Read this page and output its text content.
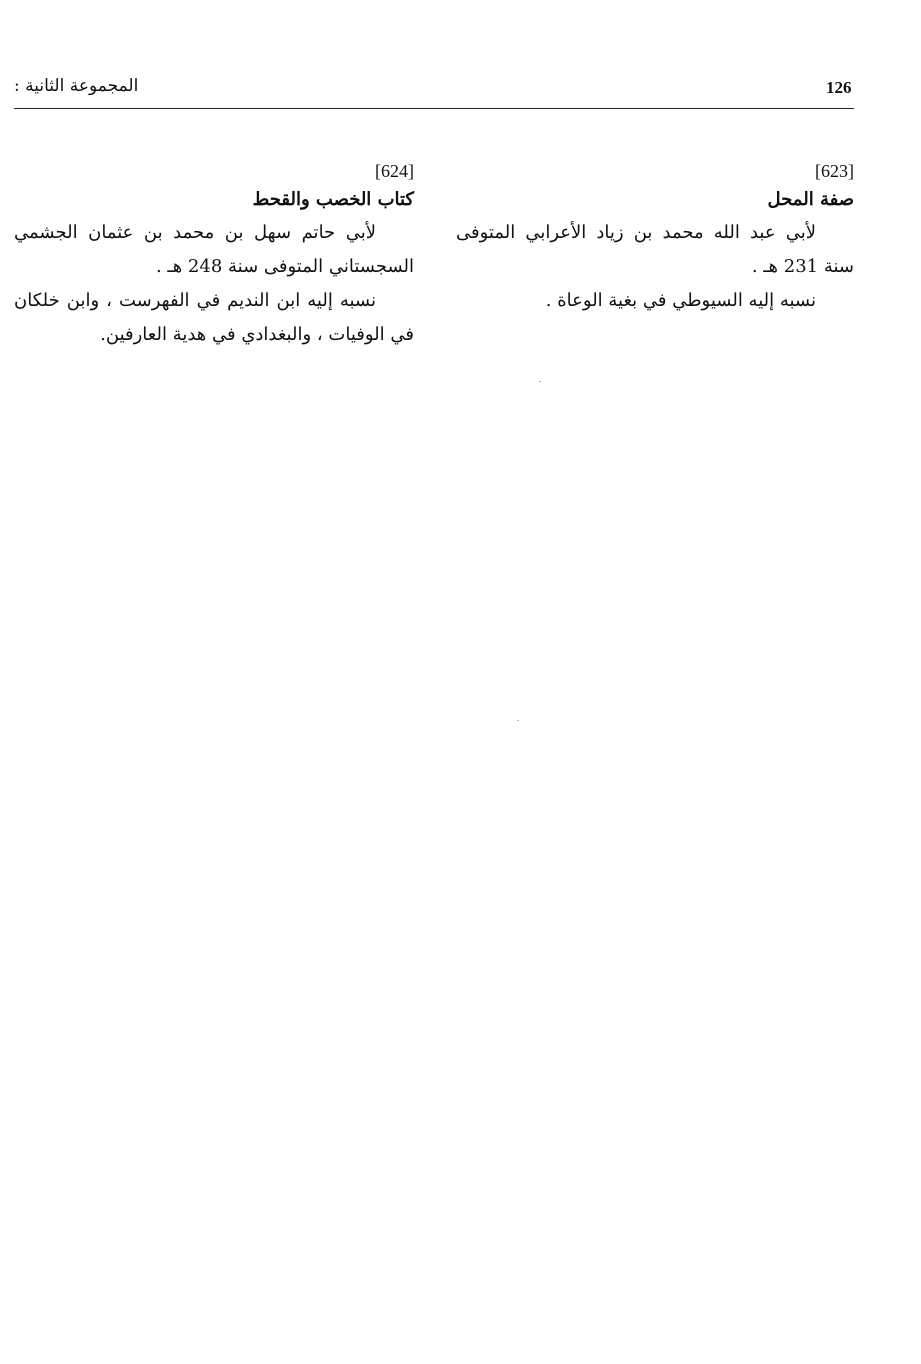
126
المجموعة الثانية :
[623]
صفة المحل
لأبي عبد الله محمد بن زياد الأعرابي المتوفى سنة 231 هـ .
نسبه إليه السيوطي في بغية الوعاة .
[624]
كتاب الخصب والقحط
لأبي حاتم سهل بن محمد بن عثمان الجشمي السجستاني المتوفى سنة 248 هـ .
نسبه إليه ابن النديم في الفهرست ، وابن خلكان في الوفيات ، والبغدادي في هدية العارفين.
